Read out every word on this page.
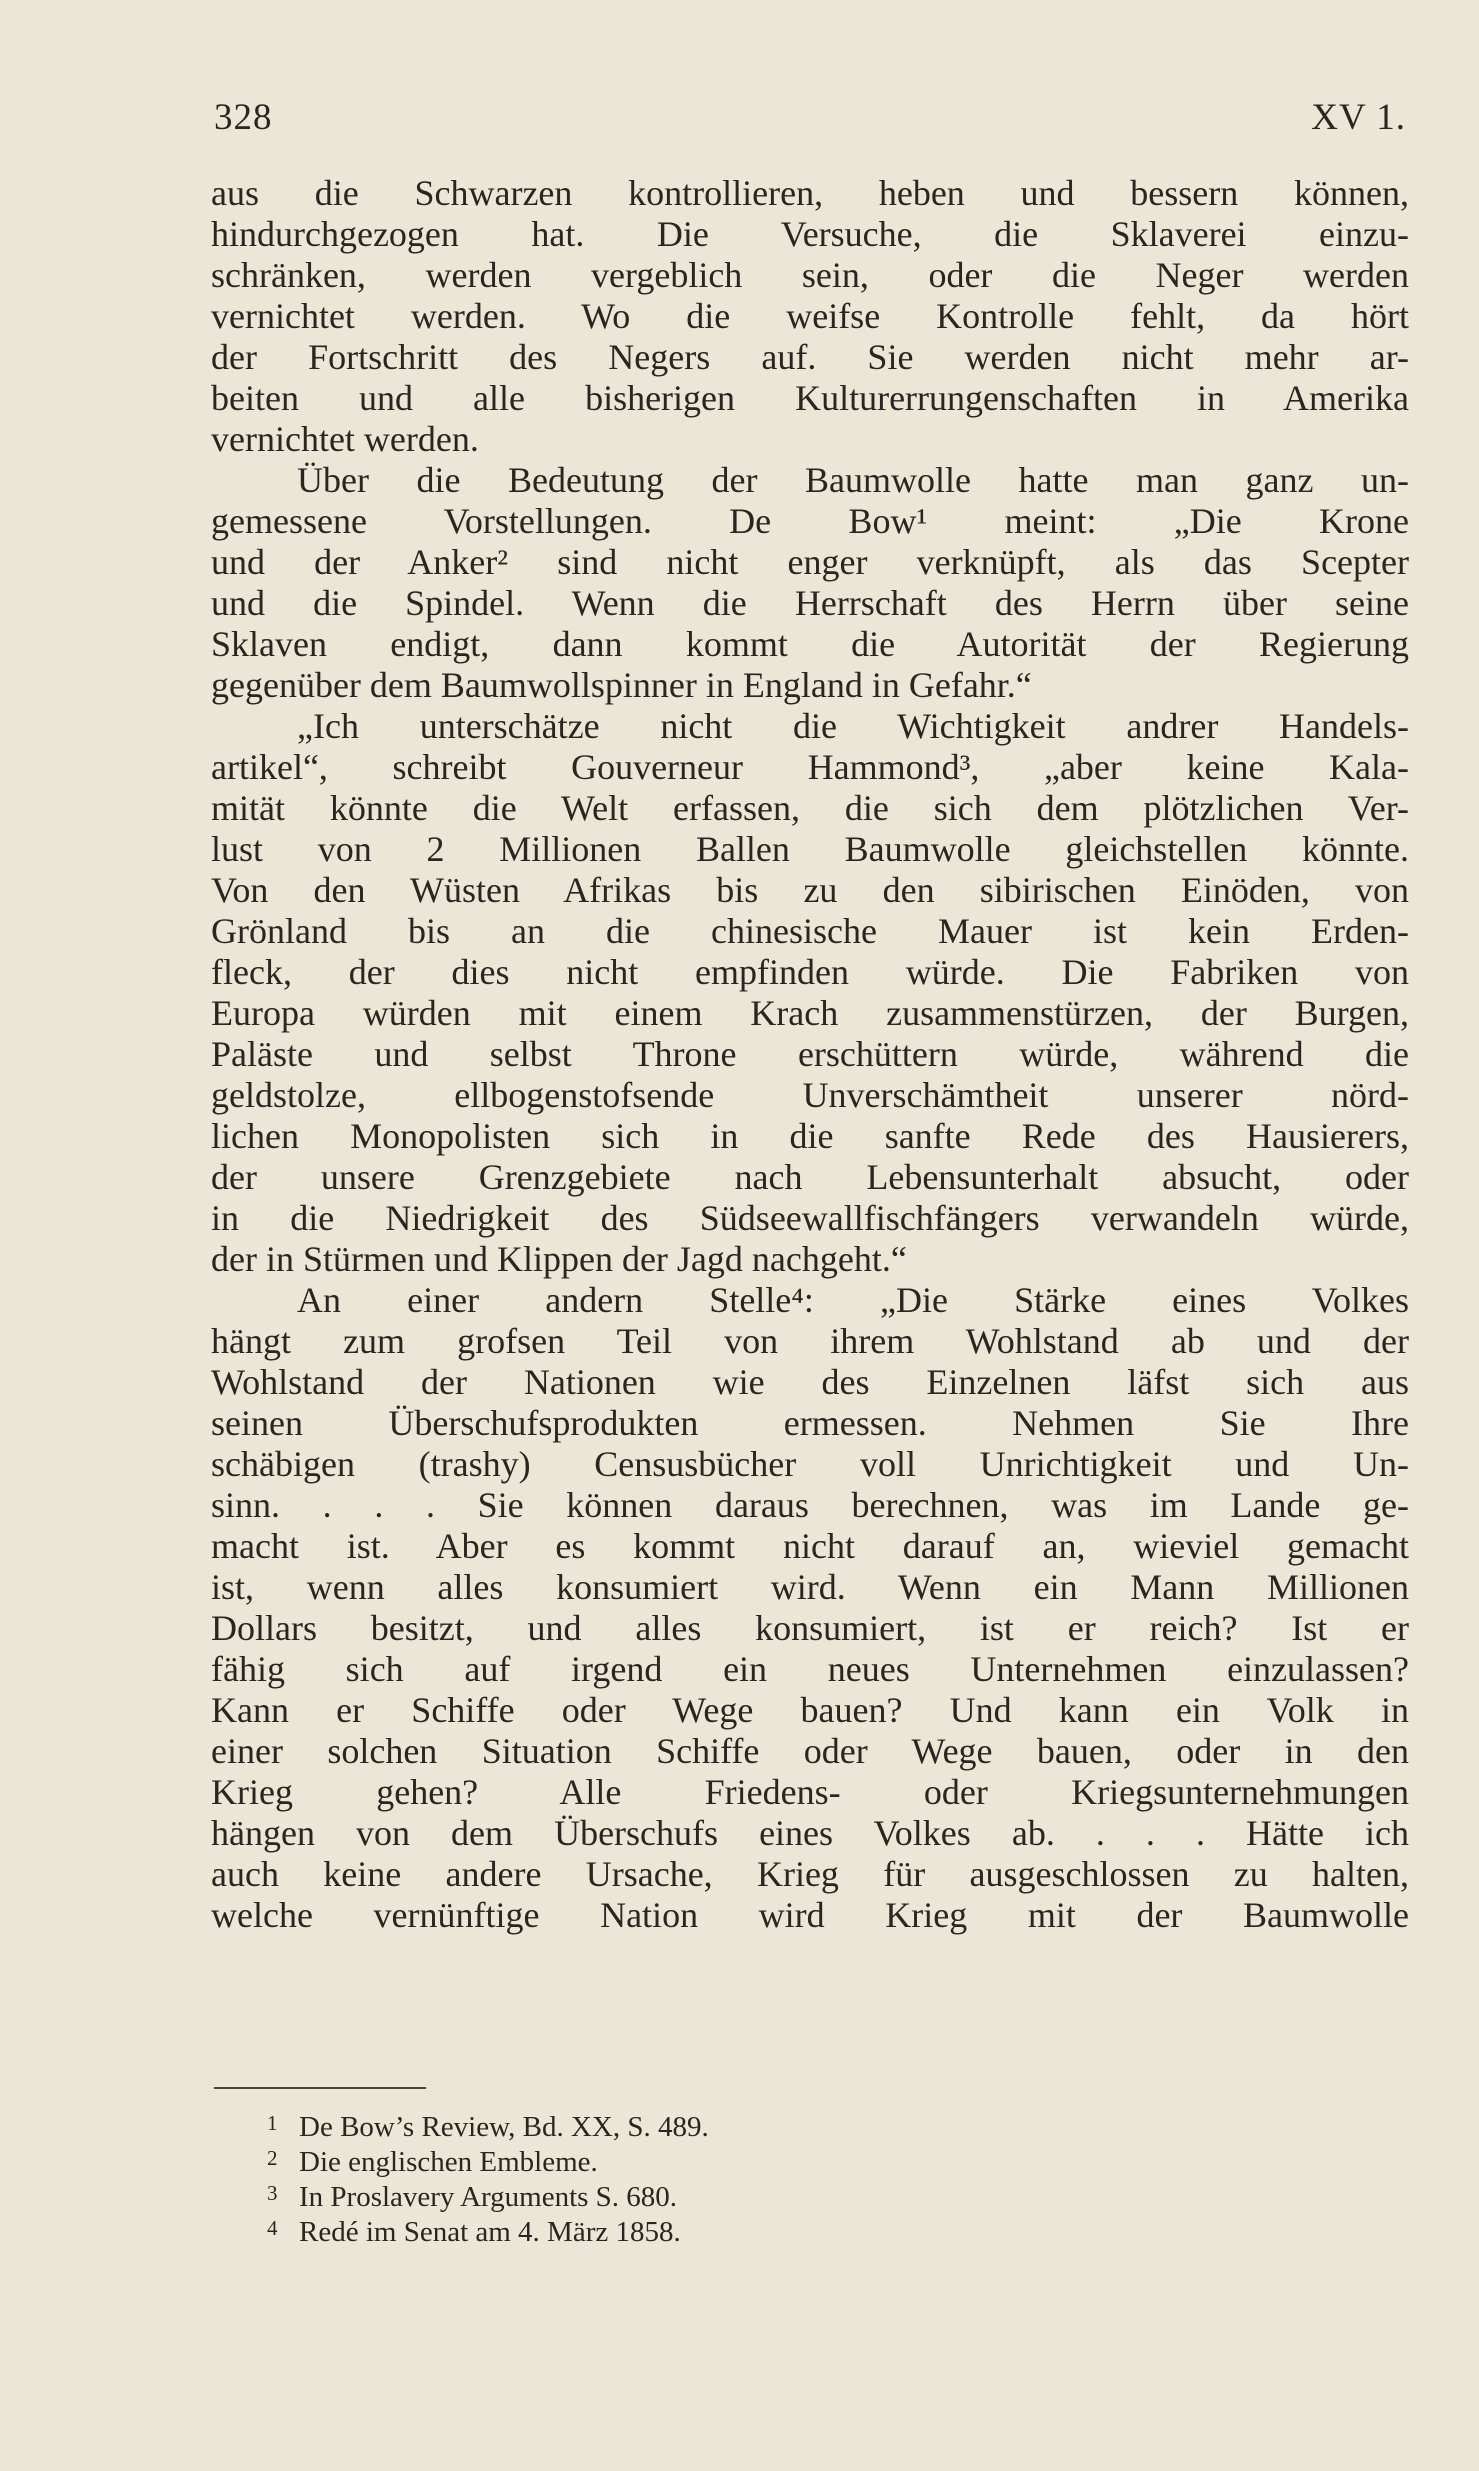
328	XV 1.
aus die Schwarzen kontrollieren, heben und bessern können,
hindurchgezogen hat. Die Versuche, die Sklaverei einzu-
schränken, werden vergeblich sein, oder die Neger werden
vernichtet werden. Wo die weifse Kontrolle fehlt, da hört
der Fortschritt des Negers auf. Sie werden nicht mehr ar-
beiten und alle bisherigen Kulturerrungenschaften in Amerika
vernichtet werden.
Über die Bedeutung der Baumwolle hatte man ganz un-
gemessene Vorstellungen. De Bow¹ meint: „Die Krone
und der Anker² sind nicht enger verknüpft, als das Scepter
und die Spindel. Wenn die Herrschaft des Herrn über seine
Sklaven endigt, dann kommt die Autorität der Regierung
gegenüber dem Baumwollspinner in England in Gefahr.“
„Ich unterschätze nicht die Wichtigkeit andrer Handels-
artikel“, schreibt Gouverneur Hammond³, „aber keine Kala-
mität könnte die Welt erfassen, die sich dem plötzlichen Ver-
lust von 2 Millionen Ballen Baumwolle gleichstellen könnte.
Von den Wüsten Afrikas bis zu den sibirischen Einöden, von
Grönland bis an die chinesische Mauer ist kein Erden-
fleck, der dies nicht empfinden würde. Die Fabriken von
Europa würden mit einem Krach zusammenstürzen, der Burgen,
Paläste und selbst Throne erschüttern würde, während die
geldstolze, ellbogenstofsende Unverschämtheit unserer nörd-
lichen Monopolisten sich in die sanfte Rede des Hausierers,
der unsere Grenzgebiete nach Lebensunterhalt absucht, oder
in die Niedrigkeit des Südseewallfischfängers verwandeln würde,
der in Stürmen und Klippen der Jagd nachgeht.“
An einer andern Stelle⁴: „Die Stärke eines Volkes
hängt zum grofsen Teil von ihrem Wohlstand ab und der
Wohlstand der Nationen wie des Einzelnen läfst sich aus
seinen Überschufsprodukten ermessen. Nehmen Sie Ihre
schäbigen (trashy) Censusbücher voll Unrichtigkeit und Un-
sinn. . . . Sie können daraus berechnen, was im Lande ge-
macht ist. Aber es kommt nicht darauf an, wieviel gemacht
ist, wenn alles konsumiert wird. Wenn ein Mann Millionen
Dollars besitzt, und alles konsumiert, ist er reich? Ist er
fähig sich auf irgend ein neues Unternehmen einzulassen?
Kann er Schiffe oder Wege bauen? Und kann ein Volk in
einer solchen Situation Schiffe oder Wege bauen, oder in den
Krieg gehen? Alle Friedens- oder Kriegsunternehmungen
hängen von dem Überschufs eines Volkes ab. . . . Hätte ich
auch keine andere Ursache, Krieg für ausgeschlossen zu halten,
welche vernünftige Nation wird Krieg mit der Baumwolle
1 De Bow’s Review, Bd. XX, S. 489.
2 Die englischen Embleme.
3 In Proslavery Arguments S. 680.
4 Redé im Senat am 4. März 1858.
